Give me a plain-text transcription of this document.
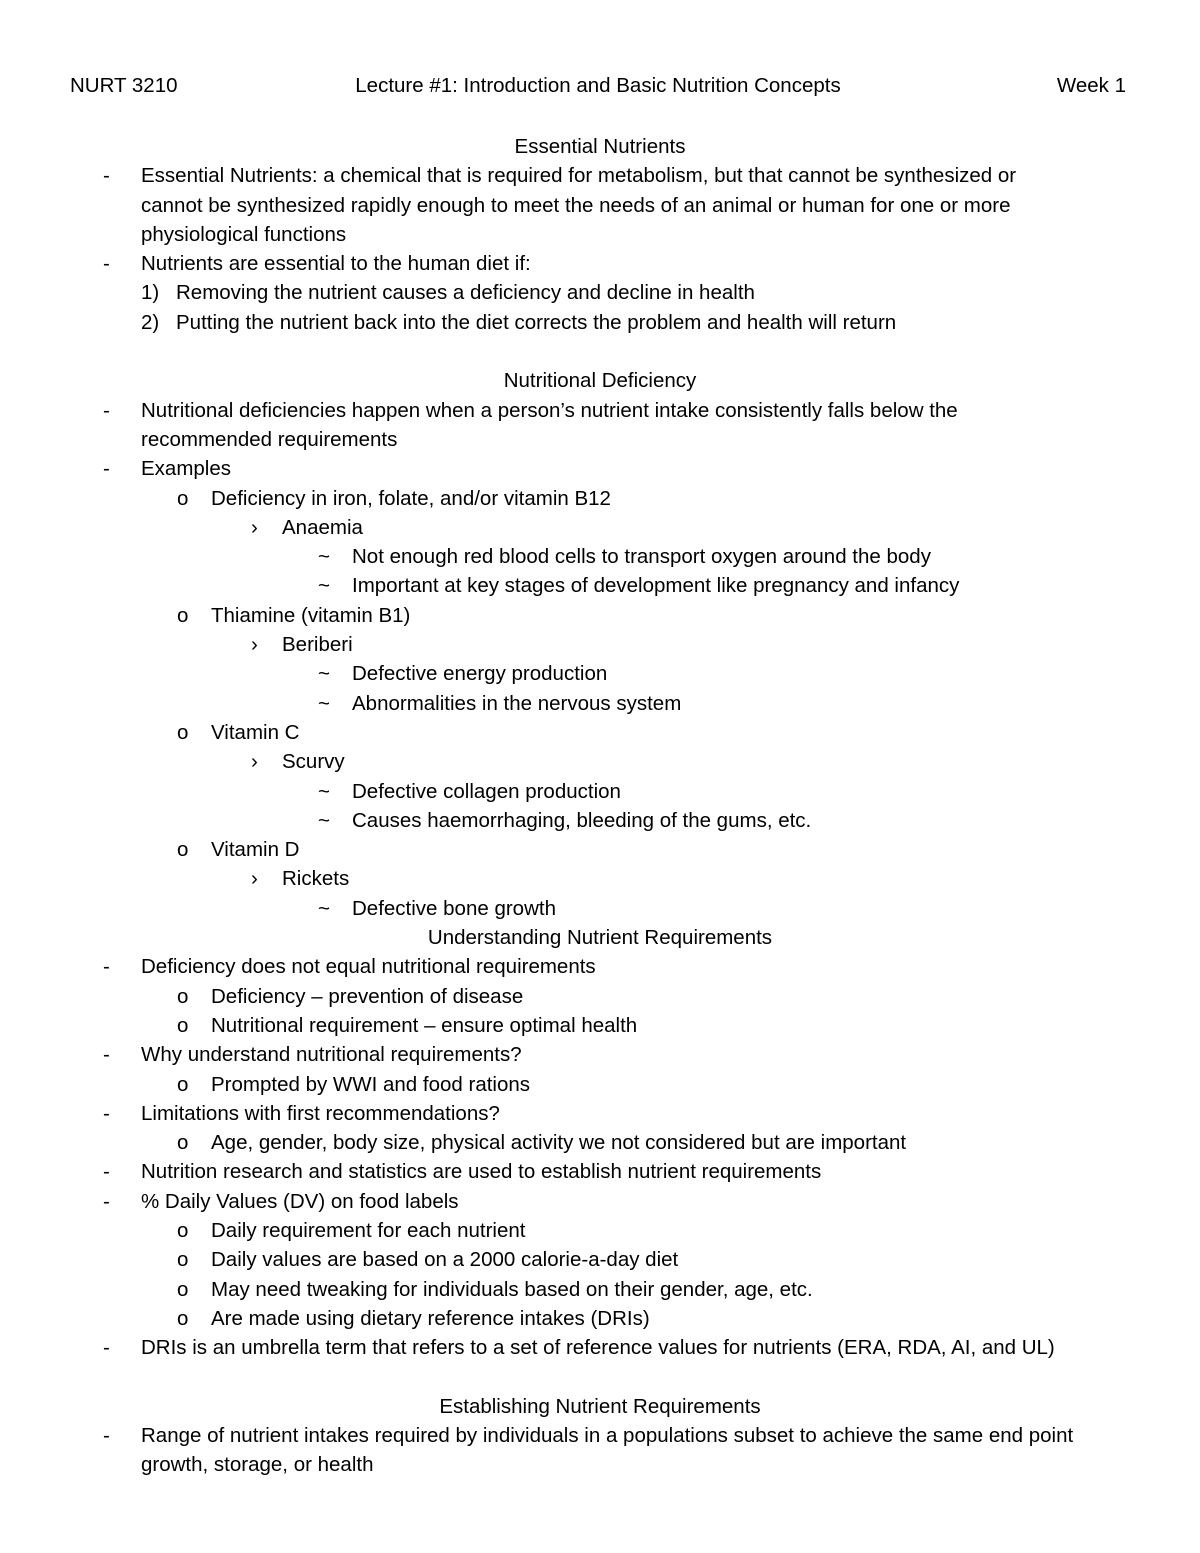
NURT 3210	Lecture #1: Introduction and Basic Nutrition Concepts	Week 1
Essential Nutrients
- Essential Nutrients: a chemical that is required for metabolism, but that cannot be synthesized or
cannot be synthesized rapidly enough to meet the needs of an animal or human for one or more
physiological functions
- Nutrients are essential to the human diet if:
1) Removing the nutrient causes a deficiency and decline in health
2) Putting the nutrient back into the diet corrects the problem and health will return
Nutritional Deficiency
- Nutritional deficiencies happen when a person’s nutrient intake consistently falls below the
recommended requirements
- Examples
o Deficiency in iron, folate, and/or vitamin B12
› Anaemia
~ Not enough red blood cells to transport oxygen around the body
~ Important at key stages of development like pregnancy and infancy
o Thiamine (vitamin B1)
› Beriberi
~ Defective energy production
~ Abnormalities in the nervous system
o Vitamin C
› Scurvy
~ Defective collagen production
~ Causes haemorrhaging, bleeding of the gums, etc.
o Vitamin D
› Rickets
~ Defective bone growth
Understanding Nutrient Requirements
- Deficiency does not equal nutritional requirements
o Deficiency – prevention of disease
o Nutritional requirement – ensure optimal health
- Why understand nutritional requirements?
o Prompted by WWI and food rations
- Limitations with first recommendations?
o Age, gender, body size, physical activity we not considered but are important
- Nutrition research and statistics are used to establish nutrient requirements
- % Daily Values (DV) on food labels
o Daily requirement for each nutrient
o Daily values are based on a 2000 calorie-a-day diet
o May need tweaking for individuals based on their gender, age, etc.
o Are made using dietary reference intakes (DRIs)
- DRIs is an umbrella term that refers to a set of reference values for nutrients (ERA, RDA, AI, and UL)
Establishing Nutrient Requirements
- Range of nutrient intakes required by individuals in a populations subset to achieve the same end point
growth, storage, or health
